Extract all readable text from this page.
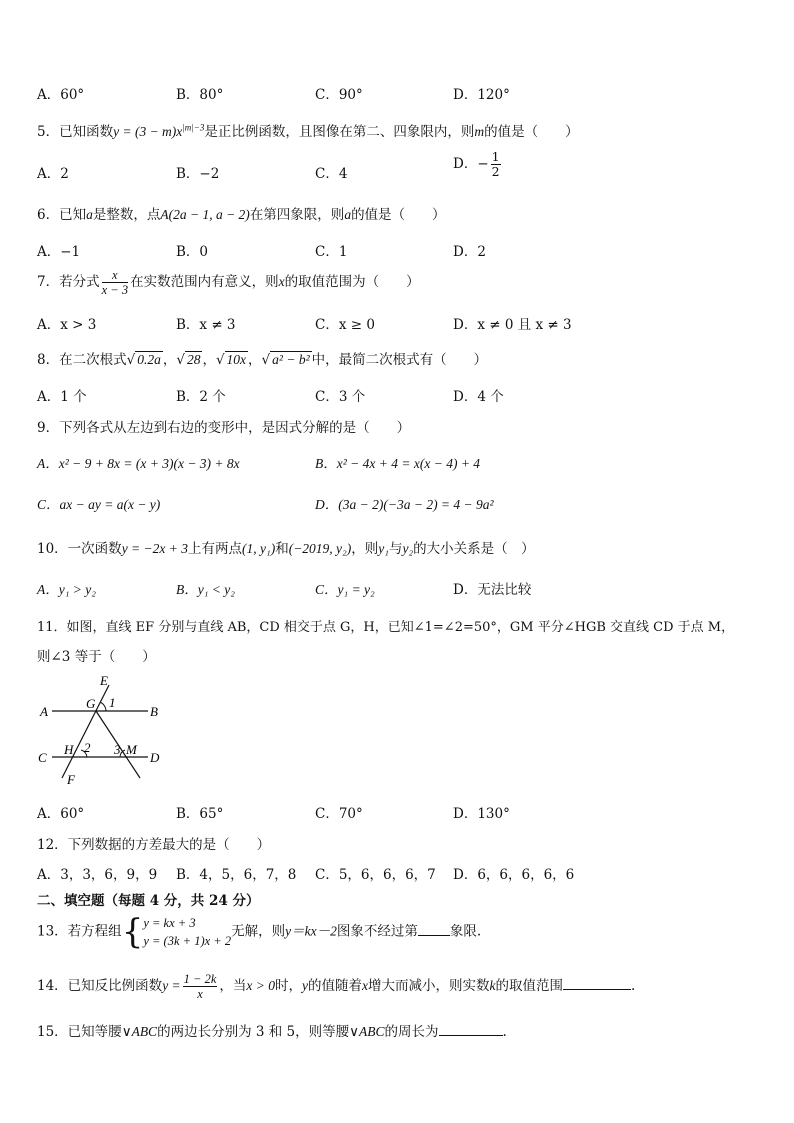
A．60°	B．80°	C．90°	D．120°
5．已知函数$y = (3 - m)x^{|m|-3}$是正比例函数，且图像在第二、四象限内，则m的值是（　　）
A．2	B．−2	C．4
D．− $\frac{1}{2}$
6．已知a是整数，点A(2a − 1, a − 2)在第四象限，则a的值是（　　）
A．−1	B．0	C．1	D．2
7．若分式 $\frac{x}{x - 3}$ 在实数范围内有意义，则x的取值范围为（　　）
A．x > 3	B．x ≠ 3	C．x ≥ 0	D．x ≠ 0 且 x ≠ 3
8．在二次根式√ 0.2a ，√ 28 ，√ 10x ，√ a² − b² 中，最简二次根式有（　　）
A．1 个	B．2 个	C．3 个	D．4 个
9．下列各式从左边到右边的变形中，是因式分解的是（　　）
A．x² − 9 + 8x = (x + 3)(x − 3) + 8x	B．x² − 4x + 4 = x(x − 4) + 4
C．ax − ay = a(x − y)	D．(3a − 2)(−3a − 2) = 4 − 9a²
10．一次函数y = −2x + 3上有两点(1, y₁)和(−2019, y₂)，则y₁与y₂的大小关系是（　）
A．y₁ > y₂	B．y₁ < y₂	C．y₁ = y₂	D．无法比较
11．如图，直线 EF 分别与直线 AB，CD 相交于点 G，H，已知∠1=∠2=50°，GM 平分∠HGB 交直线 CD 于点 M，
则∠3 等于（　　）
A	B
C	D
E
F
G
H	M
1
2 3
A．60°	B．65°	C．70°	D．130°
12．下列数据的方差最大的是（　　）
A．3，3，6，9，9 B．4，5，6，7，8 C．5，6，6，6，7 D．6，6，6，6，6
二、填空题（每题 4 分，共 24 分）
13．若方程组{ y = kx + 3
y = (3k + 1)x + 2
无解，则y＝kx－2图象不经过第 象限.
14．已知反比例函数$y = \frac{1 - 2k}{x}$ ，当x > 0时，y的值随着x增大而减小，则实数k的取值范围	.
15．已知等腰∨ABC的两边长分别为 3 和 5，则等腰∨ABC的周长为	.
